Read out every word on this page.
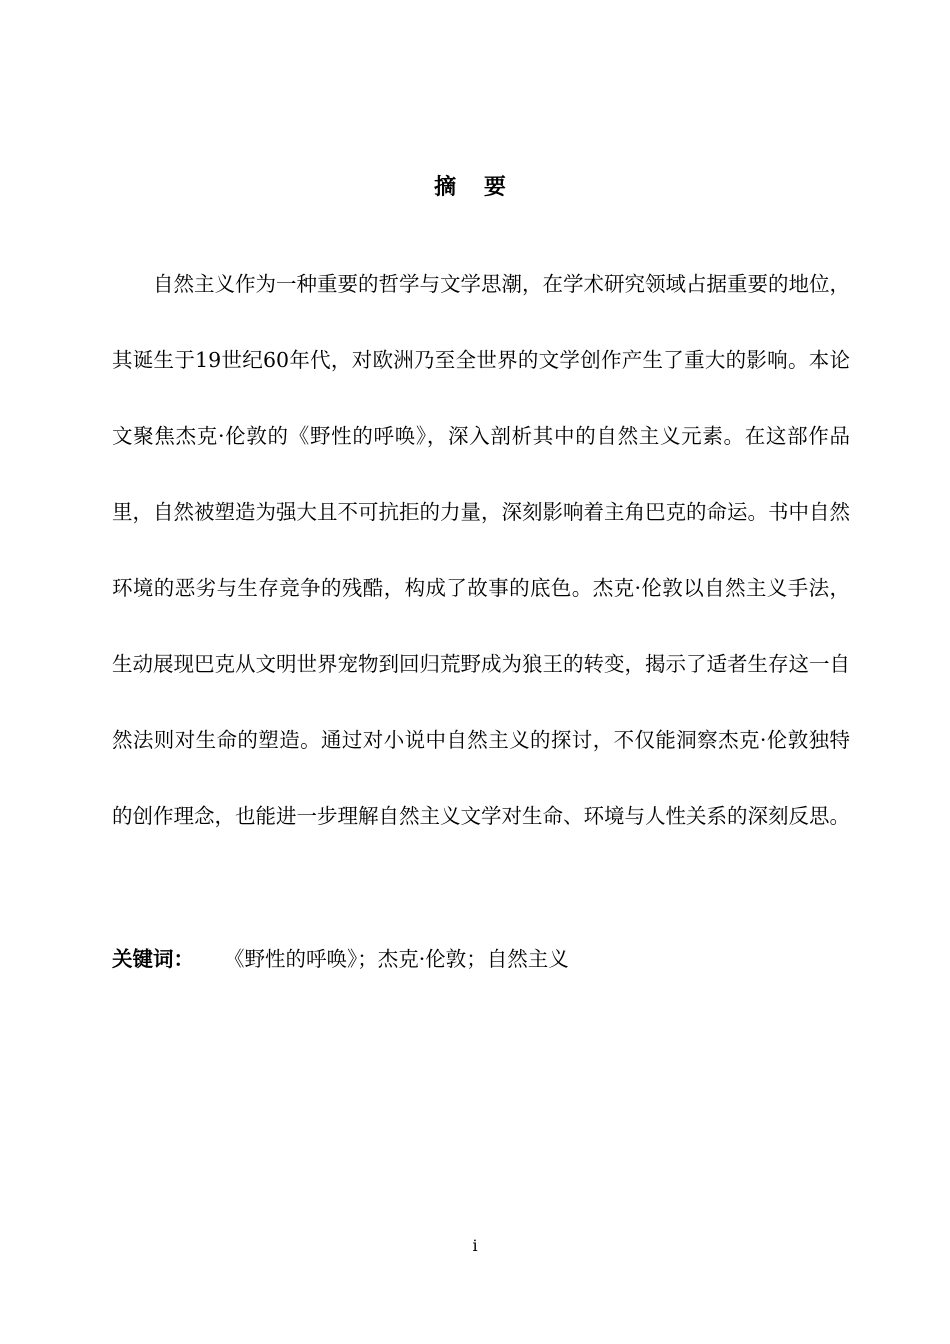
摘 要

自然主义作为一种重要的哲学与文学思潮，在学术研究领域占据重要的地位，其诞生于19世纪60年代，对欧洲乃至全世界的文学创作产生了重大的影响。本论文聚焦杰克·伦敦的《野性的呼唤》，深入剖析其中的自然主义元素。在这部作品里，自然被塑造为强大且不可抗拒的力量，深刻影响着主角巴克的命运。书中自然环境的恶劣与生存竞争的残酷，构成了故事的底色。杰克·伦敦以自然主义手法，生动展现巴克从文明世界宠物到回归荒野成为狼王的转变，揭示了适者生存这一自然法则对生命的塑造。通过对小说中自然主义的探讨，不仅能洞察杰克·伦敦独特的创作理念，也能进一步理解自然主义文学对生命、环境与人性关系的深刻反思。

关键词： 《野性的呼唤》；杰克·伦敦；自然主义
i
